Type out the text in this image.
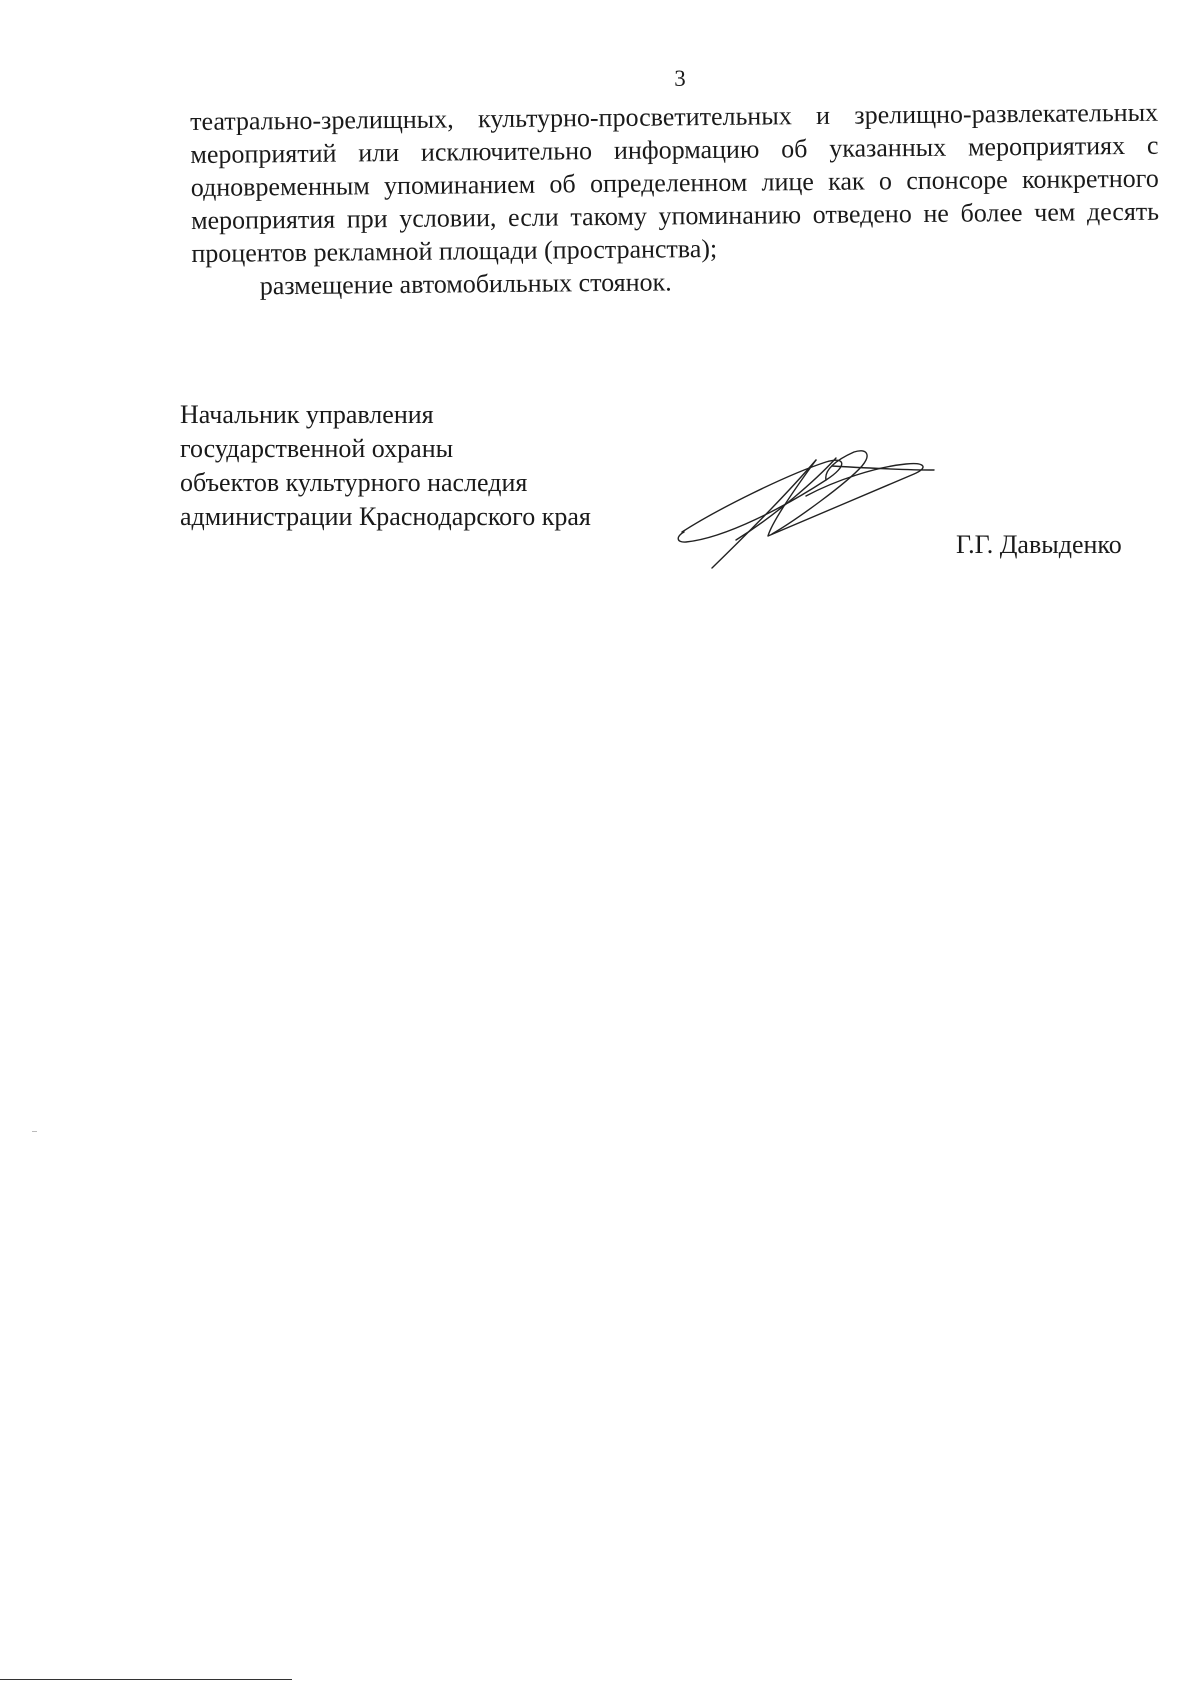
3

театрально-зрелищных, культурно-просветительных и зрелищно-развлекательных мероприятий или исключительно информацию об указанных мероприятиях с одновременным упоминанием об определенном лице как о спонсоре конкретного мероприятия при условии, если такому упоминанию отведено не более чем десять процентов рекламной площади (пространства);

размещение автомобильных стоянок.

Начальник управления
государственной охраны
объектов культурного наследия
администрации Краснодарского края
Г.Г. Давыденко
